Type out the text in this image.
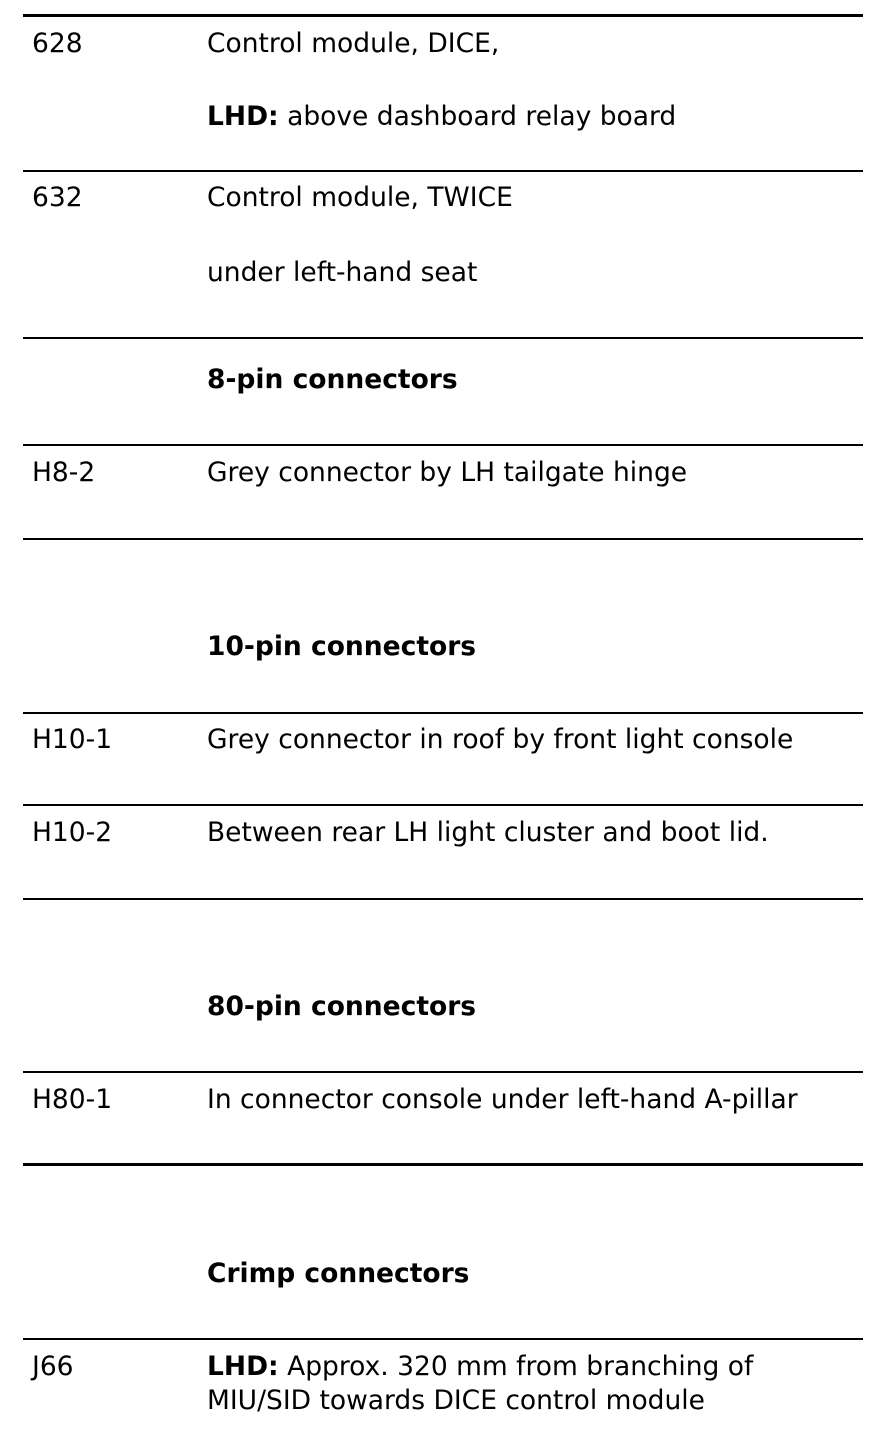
628	Control module, DICE,
LHD: above dashboard relay board
632	Control module, TWICE
under left-hand seat
8-pin connectors
H8-2	Grey connector by LH tailgate hinge
10-pin connectors
H10-1	Grey connector in roof by front light console
H10-2	Between rear LH light cluster and boot lid.
80-pin connectors
H80-1	In connector console under left-hand A-pillar
Crimp connectors
J66	LHD: Approx. 320 mm from branching of
MIU/SID towards DICE control module
